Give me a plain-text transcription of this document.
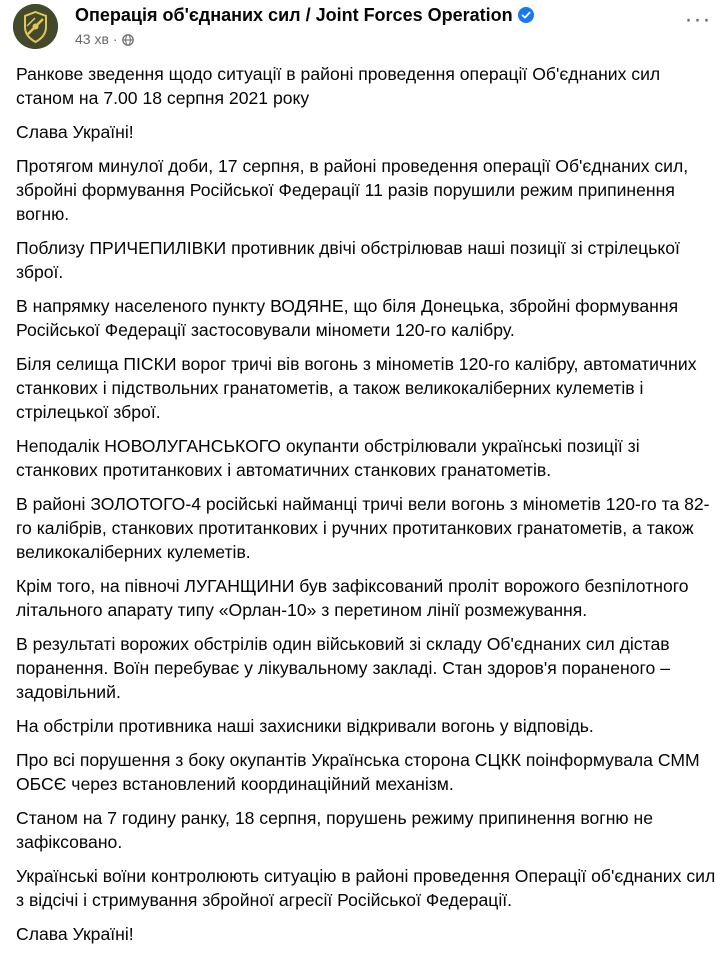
Операція об'єднаних сил / Joint Forces Operation
43 хв ·
···

Ранкове зведення щодо ситуації в районі проведення операції Об'єднаних сил станом на 7.00 18 серпня 2021 року

Слава Україні!

Протягом минулої доби, 17 серпня, в районі проведення операції Об'єднаних сил, збройні формування Російської Федерації 11 разів порушили режим припинення вогню.

Поблизу ПРИЧЕПИЛІВКИ противник двічі обстрілював наші позиції зі стрілецької зброї.

В напрямку населеного пункту ВОДЯНЕ, що біля Донецька, збройні формування Російської Федерації застосовували міномети 120-го калібру.

Біля селища ПІСКИ ворог тричі вів вогонь з мінометів 120-го калібру, автоматичних станкових і підствольних гранатометів, а також великокаліберних кулеметів і стрілецької зброї.

Неподалік НОВОЛУГАНСЬКОГО окупанти обстрілювали українські позиції зі станкових протитанкових і автоматичних станкових гранатометів.

В районі ЗОЛОТОГО-4 російські найманці тричі вели вогонь з мінометів 120-го та 82-го калібрів, станкових протитанкових і ручних протитанкових гранатометів, а також великокаліберних кулеметів.

Крім того, на півночі ЛУГАНЩИНИ був зафіксований проліт ворожого безпілотного літального апарату типу «Орлан-10» з перетином лінії розмежування.

В результаті ворожих обстрілів один військовий зі складу Об'єднаних сил дістав поранення. Воїн перебуває у лікувальному закладі. Стан здоров'я пораненого – задовільний.

На обстріли противника наші захисники відкривали вогонь у відповідь.

Про всі порушення з боку окупантів Українська сторона СЦКК поінформувала СММ ОБСЄ через встановлений координаційний механізм.

Станом на 7 годину ранку, 18 серпня, порушень режиму припинення вогню не зафіксовано.

Українські воїни контролюють ситуацію в районі проведення Операції об'єднаних сил з відсічі і стримування збройної агресії Російської Федерації.

Слава Україні!
